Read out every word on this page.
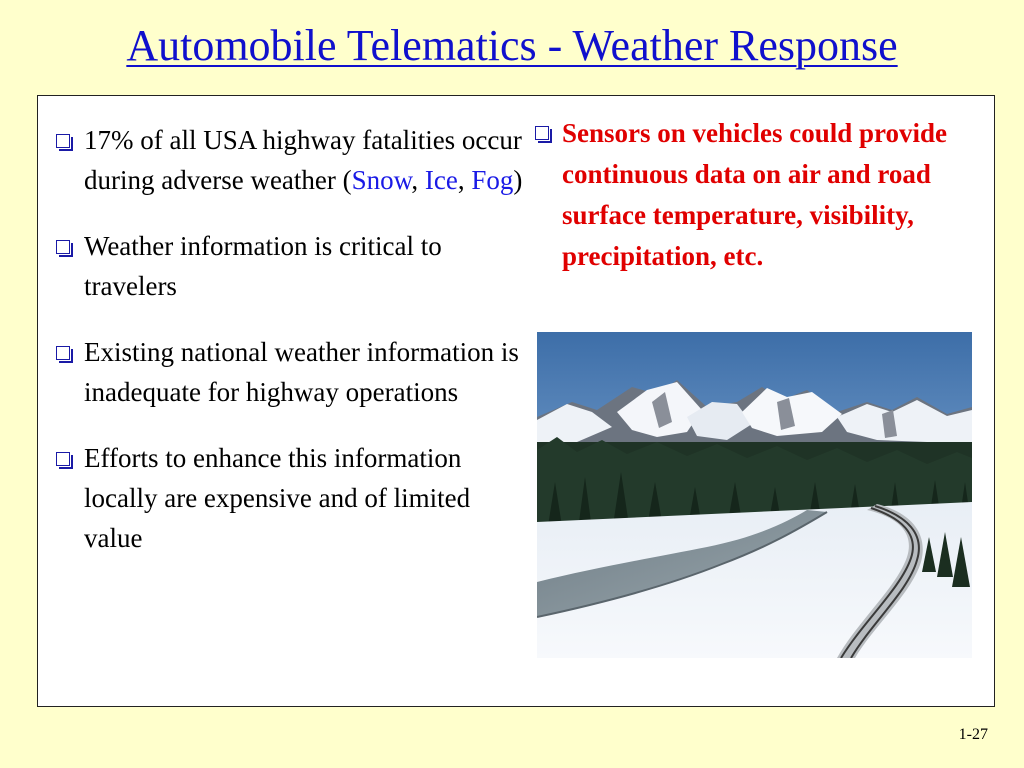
Automobile Telematics - Weather Response
17% of all USA highway fatalities occur during adverse weather (Snow, Ice, Fog)
Weather information is critical to travelers
Existing national weather information is inadequate for highway operations
Efforts to enhance this information locally are expensive and of limited value
Sensors on vehicles could provide continuous data on air and road surface temperature, visibility, precipitation, etc.
1-27
